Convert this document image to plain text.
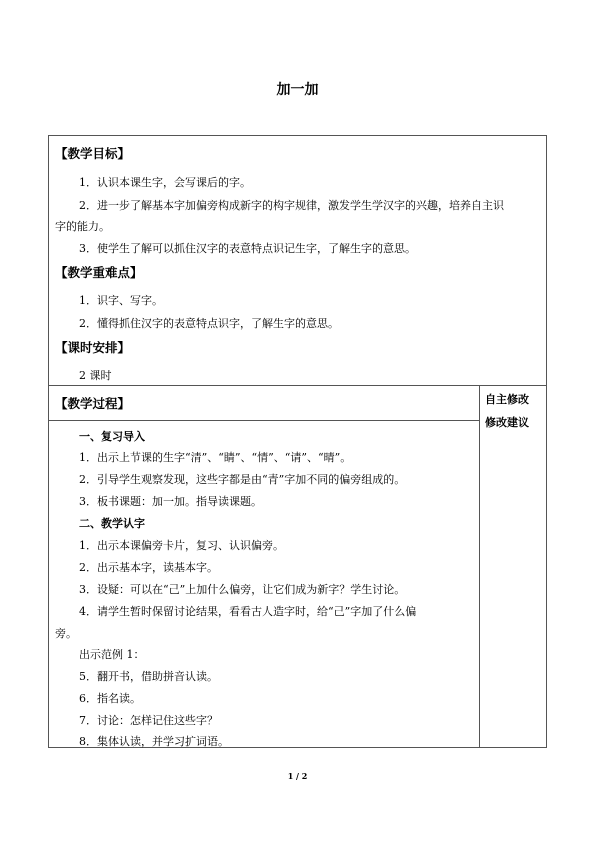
加一加
【教学目标】
1．认识本课生字，会写课后的字。
2．进一步了解基本字加偏旁构成新字的构字规律，激发学生学汉字的兴趣，培养自主识
字的能力。
3．使学生了解可以抓住汉字的表意特点识记生字，了解生字的意思。
【教学重难点】
1．识字、写字。
2．懂得抓住汉字的表意特点识字，了解生字的意思。
【课时安排】
2 课时
【教学过程】	自主修改
修改建议
一、复习导入
1．出示上节课的生字“清”、“睛”、“情”、“请”、“晴”。
2．引导学生观察发现，这些字都是由“青”字加不同的偏旁组成的。
3．板书课题：加一加。指导读课题。
二、教学认字
1．出示本课偏旁卡片，复习、认识偏旁。
2．出示基本字，读基本字。
3．设疑：可以在“己”上加什么偏旁，让它们成为新字？学生讨论。
4．请学生暂时保留讨论结果，看看古人造字时，给“己”字加了什么偏
旁。
出示范例 1：
5．翻开书，借助拼音认读。
6．指名读。
7．讨论：怎样记住这些字？
8．集体认读，并学习扩词语。
1 / 2
